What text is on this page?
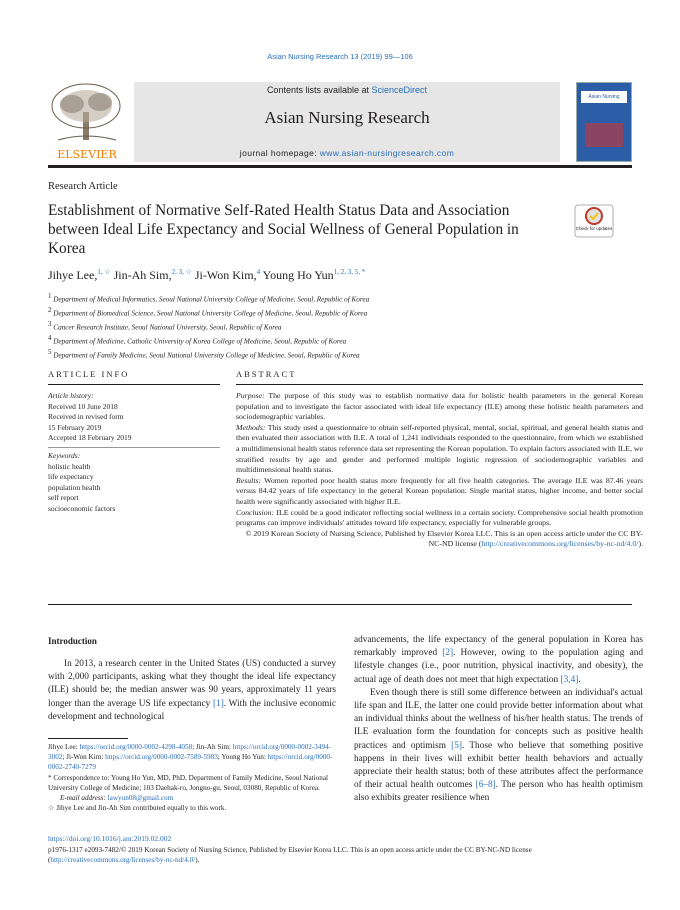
Asian Nursing Research 13 (2019) 99—106
ELSEVIER
Contents lists available at ScienceDirect
Asian Nursing Research
journal homepage: www.asian-nursingresearch.com
Asian Nursing Research
Research Article
Establishment of Normative Self-Rated Health Status Data and Association between Ideal Life Expectancy and Social Wellness of General Population in Korea
Check for updates
Jihye Lee,$^{1, ☆}$ Jin-Ah Sim,$^{2, 3, ☆}$ Ji-Won Kim,$^4$ Young Ho Yun$^{1, 2, 3, 5, *}$
$^1$ Department of Medical Informatics, Seoul National University College of Medicine, Seoul, Republic of Korea
$^2$ Department of Biomedical Science, Seoul National University College of Medicine, Seoul, Republic of Korea
$^3$ Cancer Research Institute, Seoul National University, Seoul, Republic of Korea
$^4$ Department of Medicine, Catholic University of Korea College of Medicine, Seoul, Republic of Korea
$^5$ Department of Family Medicine, Seoul National University College of Medicine, Seoul, Republic of Korea
ARTICLE INFO
Article history:
Received 10 June 2018
Received in revised form
15 February 2019
Accepted 18 February 2019
Keywords:
holistic health
life expectancy
population health
self report
socioeconomic factors
ABSTRACT

Purpose: The purpose of this study was to establish normative data for holistic health parameters in the general Korean population and to investigate the factor associated with ideal life expectancy (ILE) among these holistic health parameters and sociodemographic variables.

Methods: This study used a questionnaire to obtain self-reported physical, mental, social, spiritual, and general health status and then evaluated their association with ILE. A total of 1,241 individuals responded to the questionnaire, from which we established a multidimensional health status reference data set representing the Korean population. To explain factors associated with ILE, we stratified results by age and gender and performed multiple logistic regression of sociodemographic variables and multidimensional health status.

Results: Women reported poor health status more frequently for all five health categories. The average ILE was 87.46 years versus 84.42 years of life expectancy in the general Korean population. Single marital status, higher income, and better social health were significantly associated with higher ILE.

Conclusion: ILE could be a good indicator reflecting social wellness in a certain society. Comprehensive social health promotion programs can improve individuals' attitudes toward life expectancy, especially for vulnerable groups.

© 2019 Korean Society of Nursing Science, Published by Elsevier Korea LLC. This is an open access article under the CC BY-NC-ND license (http://creativecommons.org/licenses/by-nc-nd/4.0/).

Introduction

In 2013, a research center in the United States (US) conducted a survey with 2,000 participants, asking what they thought the ideal life expectancy (ILE) should be; the median answer was 90 years, approximately 11 years longer than the average US life expectancy [1]. With the inclusive economic development and technological

advancements, the life expectancy of the general population in Korea has remarkably improved [2]. However, owing to the population aging and lifestyle changes (i.e., poor nutrition, physical inactivity, and obesity), the actual age of death does not meet that high expectation [3,4].

Even though there is still some difference between an individual's actual life span and ILE, the latter one could provide better information about what an individual thinks about the wellness of his/her health status. The trends of ILE evaluation form the foundation for concepts such as positive health practices and optimism [5]. Those who believe that something positive happens in their lives will exhibit better health behaviors and actually appreciate their health status; both of these attributes affect the performance of their actual health outcomes [6–8]. The person who has health optimism also exhibits greater resilience when

Jihye Lee: https://orcid.org/0000-0002-4298-4058; Jin-Ah Sim: https://orcid.org/0000-0002-3494-3002; Ji-Won Kim: https://orcid.org/0000-0002-7589-5983; Young Ho Yun: https://orcid.org/0000-0002-2740-7279

* Correspondence to: Young Ho Yun, MD, PhD, Department of Family Medicine, Seoul National University College of Medicine; 103 Daehak-ro, Jongno-gu, Seoul, 03080, Republic of Korea.

E-mail address: lawyun08@gmail.com

☆ Jihye Lee and Jin-Ah Sim contributed equally to this work.

https://doi.org/10.1016/j.anr.2019.02.002
p1976-1317 e2093-7482/© 2019 Korean Society of Nursing Science, Published by Elsevier Korea LLC. This is an open access article under the CC BY-NC-ND license (http://creativecommons.org/licenses/by-nc-nd/4.0/).
